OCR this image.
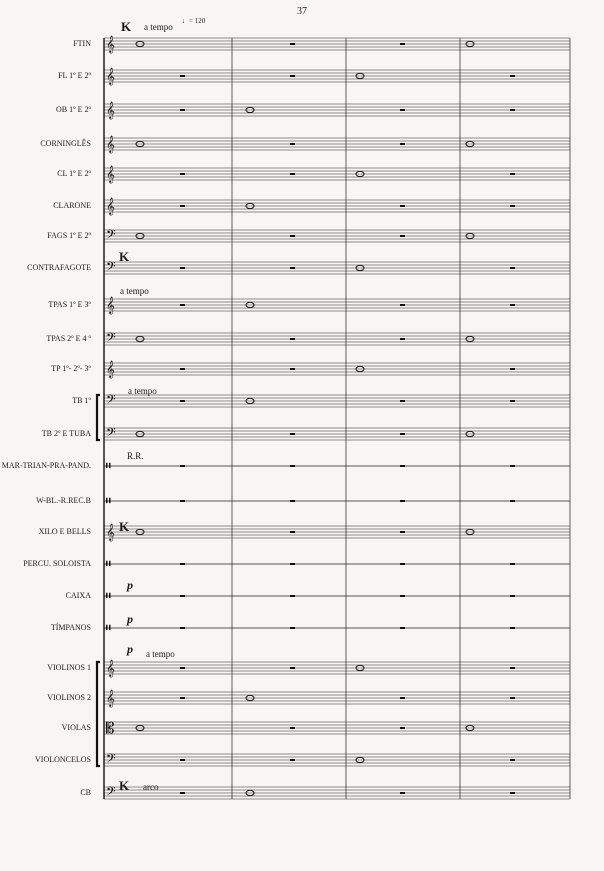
37
𝄞
𝄞
𝄞
𝄞
𝄞
𝄞
𝄢
𝄢
𝄞
𝄢
𝄞
𝄢
𝄢
𝄥
𝄥
𝄞
𝄥
𝄥
𝄥
𝄞
𝄞
𝄡
𝄢
𝄢
FTIN
FL 1º E 2º
OB 1º E 2º
CORNINGLÊS
CL 1º E 2º
CLARONE
FAGS 1º E 2º
CONTRAFAGOTE
TPAS 1º E 3º
TPAS 2º E 4 º
TP 1º- 2º- 3º
TB 1º
TB 2º E TUBA
MAR-TRIAN-PRA-PAND.
W-BL.-R.REC.B
XILO E BELLS
PERCU. SOLOISTA
CAIXA
TÍMPANOS
VIOLINOS 1
VIOLINOS 2
VIOLAS
VIOLONCELOS
CB
K a tempo
♩= 120
K
a tempo
a tempo
R.R.
K
p
p
p a tempo
K arco
